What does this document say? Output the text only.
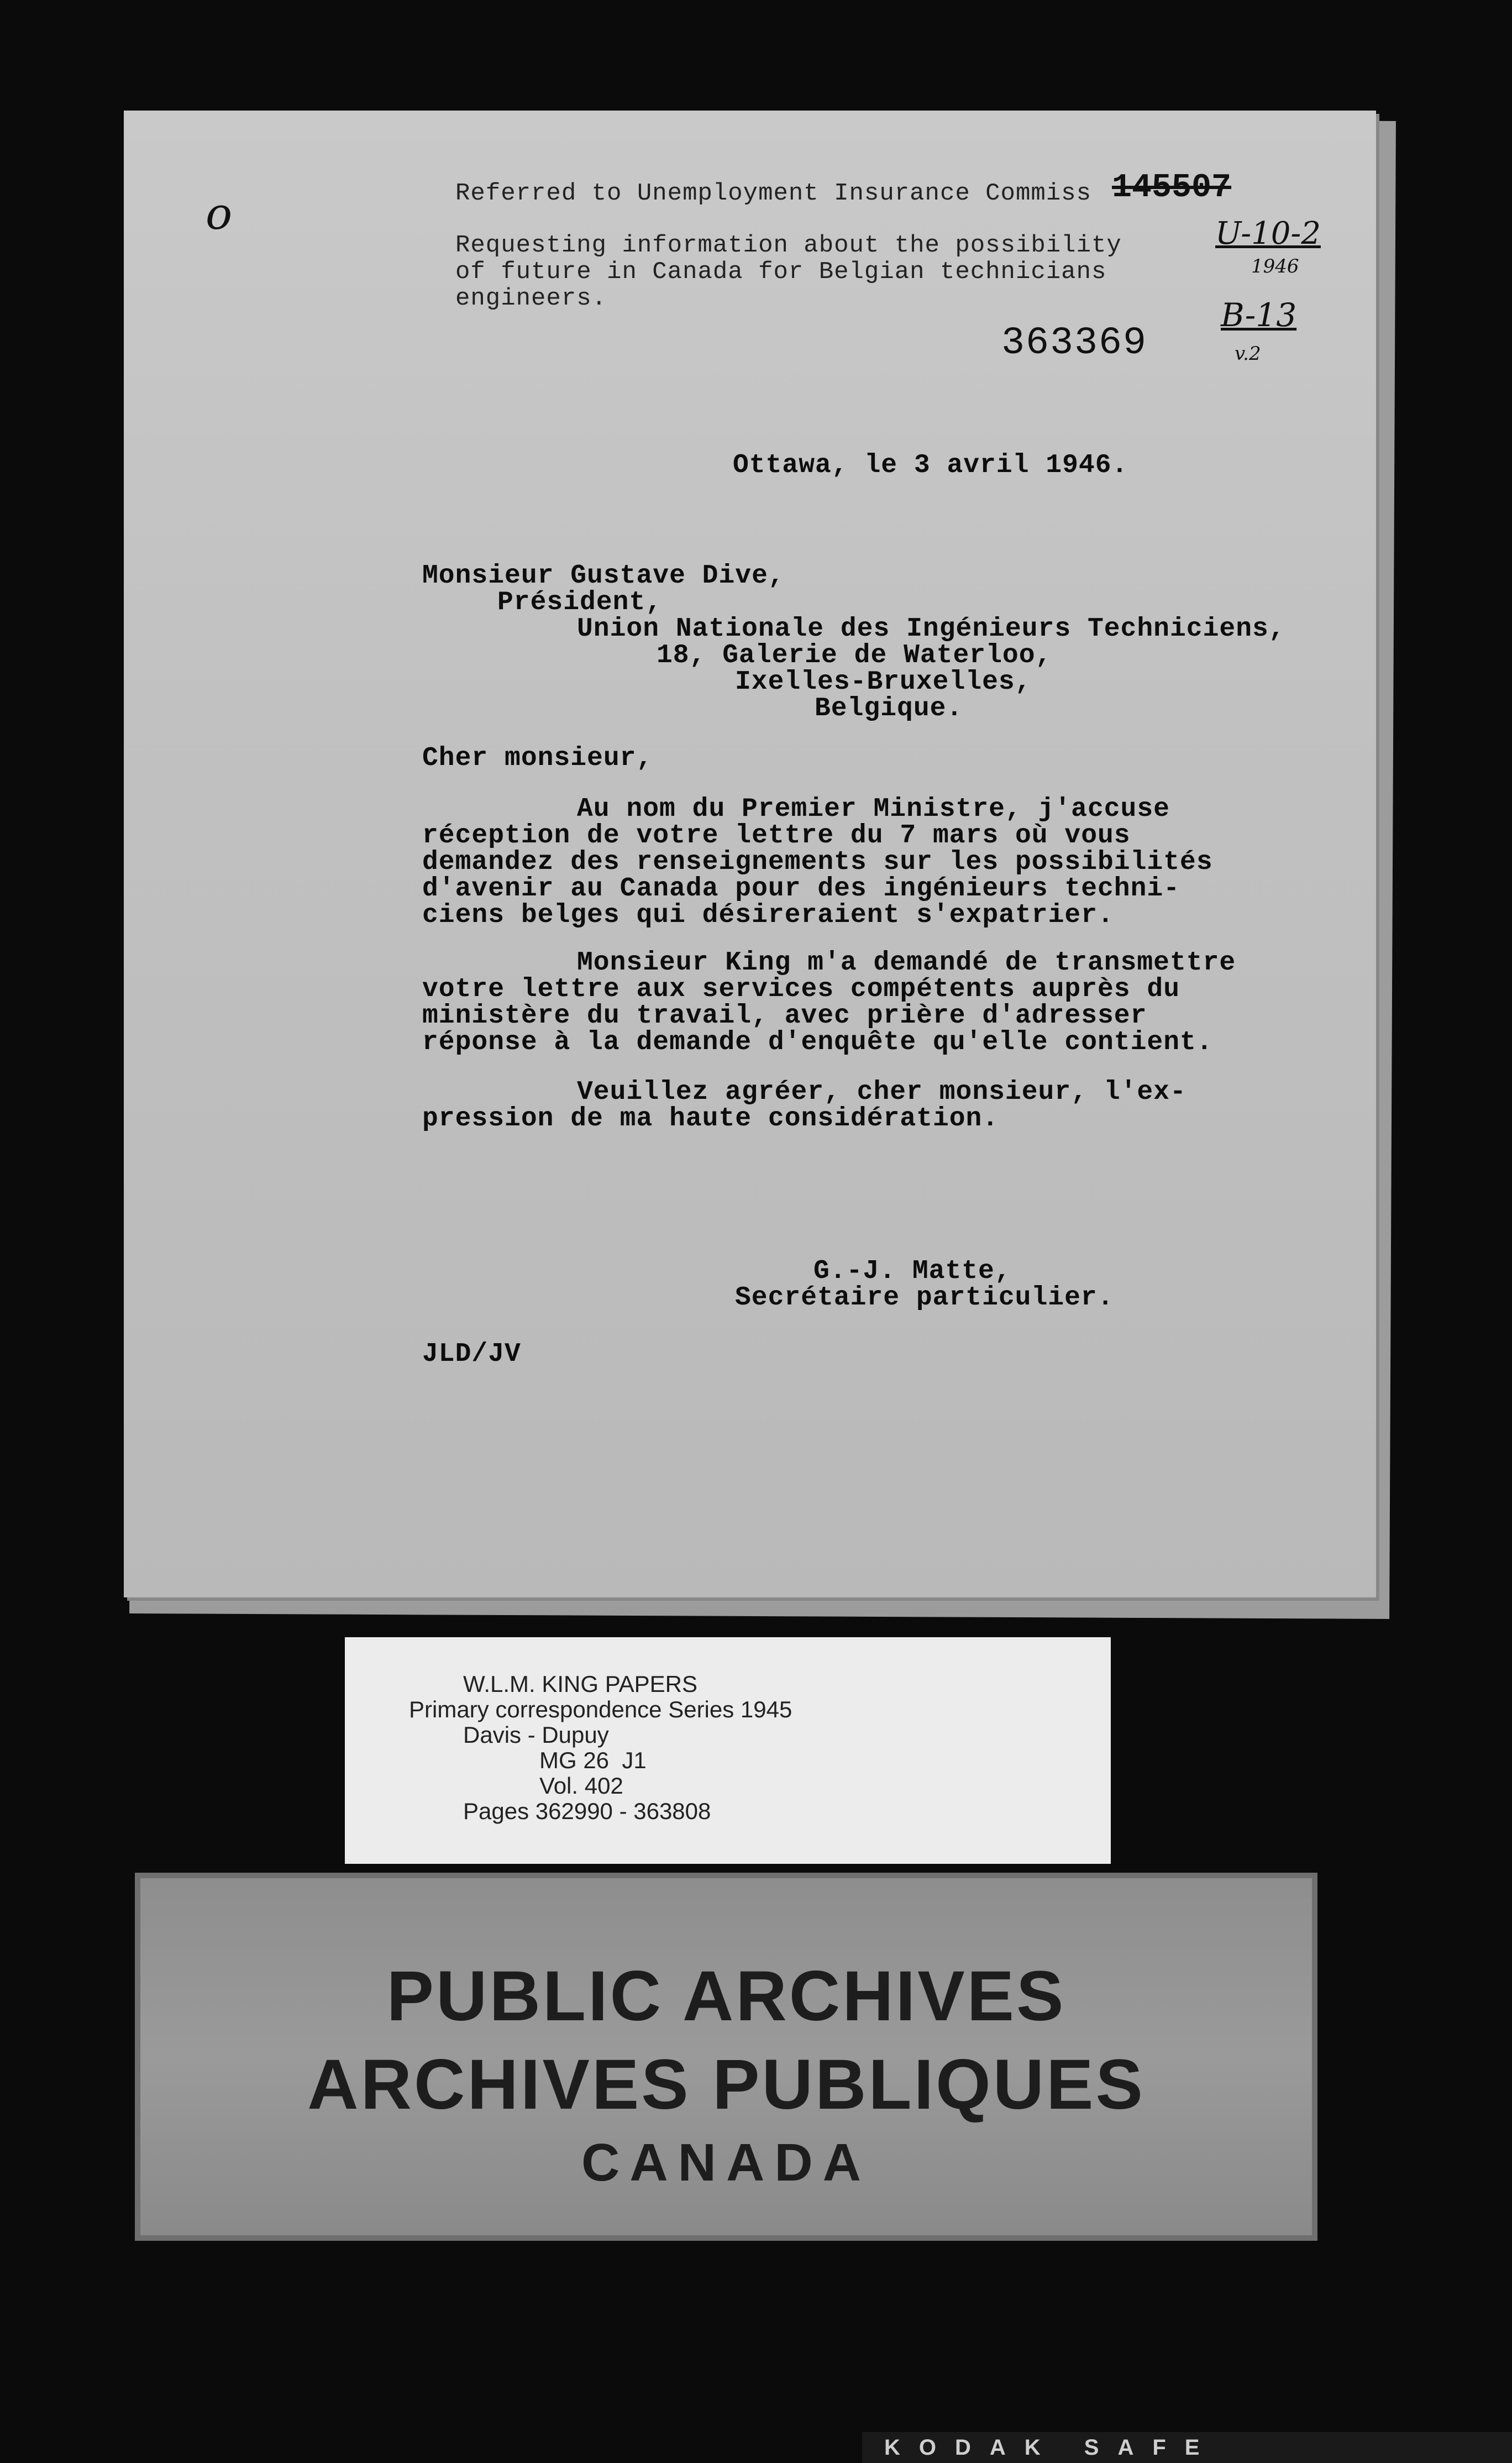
o	Referred to Unemployment Insurance Commiss 145507
Requesting information about the possibility
of future in Canada for Belgian technicians
engineers.
363369
U-10-2
1946
B-13
v.2
Ottawa, le 3 avril 1946.
Monsieur Gustave Dive,
Président,
Union Nationale des Ingénieurs Techniciens,
18, Galerie de Waterloo,
Ixelles-Bruxelles,
Belgique.
Cher monsieur,
Au nom du Premier Ministre, j'accuse
réception de votre lettre du 7 mars où vous
demandez des renseignements sur les possibilités
d'avenir au Canada pour des ingénieurs techni-
ciens belges qui désireraient s'expatrier.
Monsieur King m'a demandé de transmettre
votre lettre aux services compétents auprès du
ministère du travail, avec prière d'adresser
réponse à la demande d'enquête qu'elle contient.
Veuillez agréer, cher monsieur, l'ex-
pression de ma haute considération.
G.-J. Matte,
Secrétaire particulier.
JLD/JV
W.L.M. KING PAPERS
Primary correspondence Series 1945
Davis - Dupuy
MG 26  J1
Vol. 402
Pages 362990 - 363808
PUBLIC ARCHIVES
ARCHIVES PUBLIQUES
CANADA
KODAK SAFE
